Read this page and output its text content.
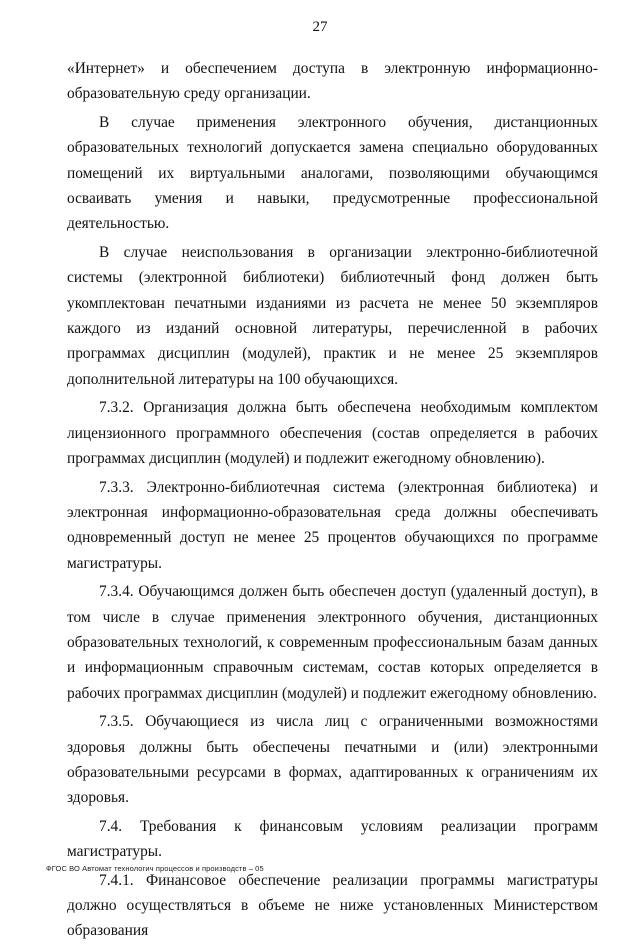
27

«Интернет» и обеспечением доступа в электронную информационно-образовательную среду организации.

В случае применения электронного обучения, дистанционных образовательных технологий допускается замена специально оборудованных помещений их виртуальными аналогами, позволяющими обучающимся осваивать умения и навыки, предусмотренные профессиональной деятельностью.

В случае неиспользования в организации электронно-библиотечной системы (электронной библиотеки) библиотечный фонд должен быть укомплектован печатными изданиями из расчета не менее 50 экземпляров каждого из изданий основной литературы, перечисленной в рабочих программах дисциплин (модулей), практик и не менее 25 экземпляров дополнительной литературы на 100 обучающихся.

7.3.2. Организация должна быть обеспечена необходимым комплектом лицензионного программного обеспечения (состав определяется в рабочих программах дисциплин (модулей) и подлежит ежегодному обновлению).

7.3.3. Электронно-библиотечная система (электронная библиотека) и электронная информационно-образовательная среда должны обеспечивать одновременный доступ не менее 25 процентов обучающихся по программе магистратуры.

7.3.4. Обучающимся должен быть обеспечен доступ (удаленный доступ), в том числе в случае применения электронного обучения, дистанционных образовательных технологий, к современным профессиональным базам данных и информационным справочным системам, состав которых определяется в рабочих программах дисциплин (модулей) и подлежит ежегодному обновлению.

7.3.5. Обучающиеся из числа лиц с ограниченными возможностями здоровья должны быть обеспечены печатными и (или) электронными образовательными ресурсами в формах, адаптированных к ограничениям их здоровья.

7.4. Требования к финансовым условиям реализации программ магистратуры.

7.4.1. Финансовое обеспечение реализации программы магистратуры должно осуществляться в объеме не ниже установленных Министерством образования

ФГОС ВО Автомат технологич процессов и производств – 05
